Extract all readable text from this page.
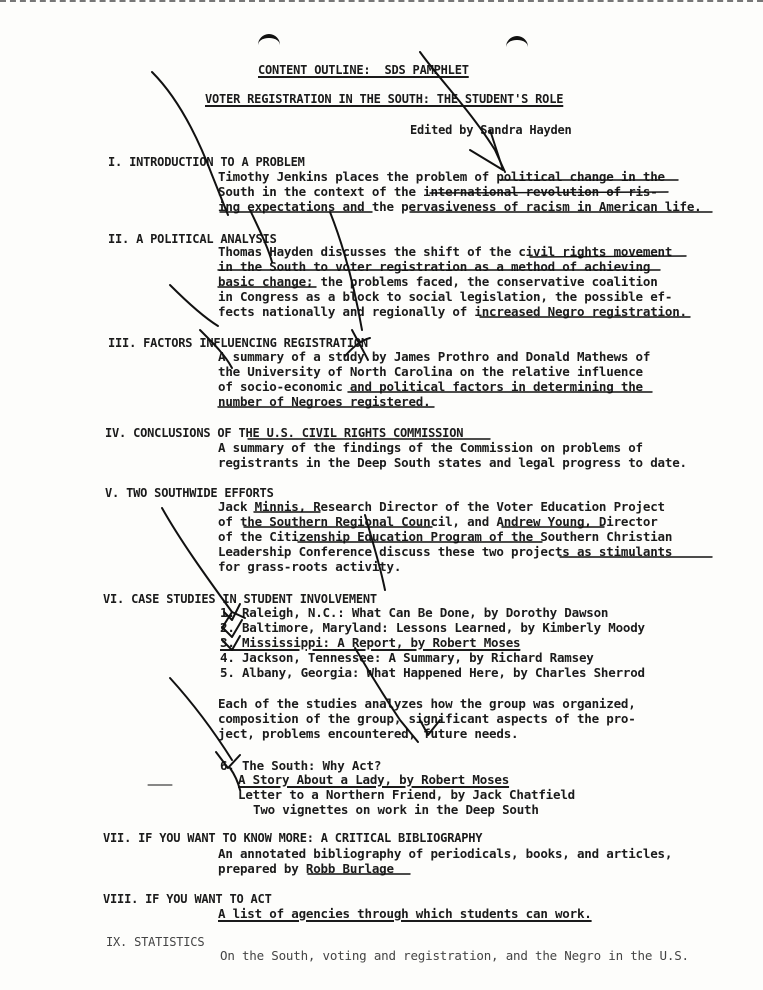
CONTENT OUTLINE:  SDS PAMPHLET
VOTER REGISTRATION IN THE SOUTH: THE STUDENT'S ROLE
Edited by Sandra Hayden
I. INTRODUCTION TO A PROBLEM
Timothy Jenkins places the problem of political change in the
South in the context of the international revolution of ris-
ing expectations and the pervasiveness of racism in American life.
II. A POLITICAL ANALYSIS
Thomas Hayden discusses the shift of the civil rights movement
in the South to voter registration as a method of achieving
basic change; the problems faced, the conservative coalition
in Congress as a block to social legislation, the possible ef-
fects nationally and regionally of increased Negro registration.
III. FACTORS INFLUENCING REGISTRATION
A summary of a study by James Prothro and Donald Mathews of
the University of North Carolina on the relative influence
of socio-economic and political factors in determining the
number of Negroes registered.
IV. CONCLUSIONS OF THE U.S. CIVIL RIGHTS COMMISSION
A summary of the findings of the Commission on problems of
registrants in the Deep South states and legal progress to date.
V. TWO SOUTHWIDE EFFORTS
Jack Minnis, Research Director of the Voter Education Project
of the Southern Regional Council, and Andrew Young, Director
of the Citizenship Education Program of the Southern Christian
Leadership Conference discuss these two projects as stimulants
for grass-roots activity.
VI. CASE STUDIES IN STUDENT INVOLVEMENT
1. Raleigh, N.C.: What Can Be Done, by Dorothy Dawson
2. Baltimore, Maryland: Lessons Learned, by Kimberly Moody
3. Mississippi: A Report, by Robert Moses
4. Jackson, Tennessee: A Summary, by Richard Ramsey
5. Albany, Georgia: What Happened Here, by Charles Sherrod
Each of the studies analyzes how the group was organized,
composition of the group, significant aspects of the pro-
ject, problems encountered, future needs.
6. The South: Why Act?
A Story About a Lady, by Robert Moses
Letter to a Northern Friend, by Jack Chatfield
Two vignettes on work in the Deep South
VII. IF YOU WANT TO KNOW MORE: A CRITICAL BIBLIOGRAPHY
An annotated bibliography of periodicals, books, and articles,
prepared by Robb Burlage
VIII. IF YOU WANT TO ACT
A list of agencies through which students can work.
IX. STATISTICS
On the South, voting and registration, and the Negro in the U.S.
